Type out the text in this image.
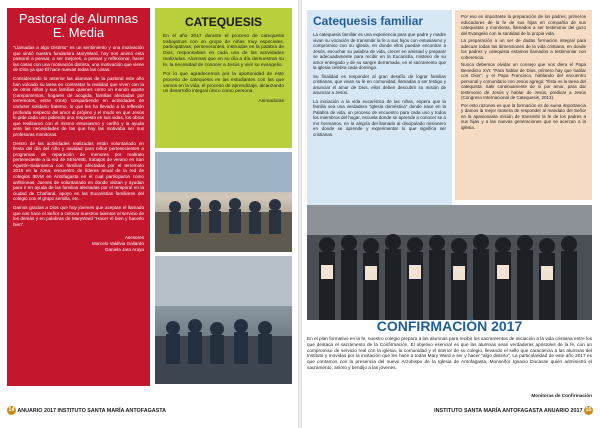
Pastoral de Alumnas E. Media

“Llamadas a algo Distinto” es un sentimiento y una motivación que sintió nuestra fundadora MaryWard, hoy nos animó esta pastoral a pensar, a ser mejores, a pensar y reflexionar, hacer las cosas con una motivación distinta, una motivación que viene de Dios ya que Él hace nuevas todas las cosas.

Considerando lo anterior las alumnas de la pastoral este año han volcado su tarea en contrastar la realidad que viven con la de otros niños y sus familias quienes como un mundo aparte (campamentos, hogares de acogida, familias afectadas por terremotos, entre otros) compartiendo en actividades de carácter solidario fraterno, lo que les ha llevado a la reflexión profunda respecto del amor al prójimo y el modo en que Jesús lo pide cada uno pidiendo una respuesta en sus vidas, los obras que realizaron con el mismo entusiasmo y cariño y la ayuda ante las necesidades de las que hoy las motivaba ser sus profesoras monitoras.

Dentro de las actividades realizadas están voluntariado en fiesta del día del niño y navidad para niños pertenecientes a programas de reparación de menores por maltrato perteneciente a la red de SENAME, trabajos de verano en San Agustín-Salamanca con familias afectadas por el terremoto 2016 en la zona, encuentro de líderes anual de la red de colegios IBVM en Antofagasta en el cual participaron como anfitrionas, Jueves de voluntariado en donde visitan y ayudan para ir en ayuda de las familias afectadas por el temporal en la ciudad de Chañaral, apoyo en las Eucaristías familiares del colegio con el grupo semilla, etc.

Damos gracias a Dios que hoy jóvenes que aceptan el llamado que nos hace el Señor a colocar nuestros talentos al servicio de los demás y en palabras de MaryWard “Hacer el bien y hacerlo bien”.

Asesores
Marcelo Valdivia Gallardo
Daniela Jara Araya
CATEQUESIS

En el año 2017 durante el proceso de catequesis trabajamos con un grupo de niñas muy especiales, participativas, perseverantes, instruidas en la palabra de Dios, responsables en cada una de las actividades realizadas. Alumnas que en su día a día demuestran su fe, la necesidad de conocer a Jesús y vivir su evangelio.

Por lo que agradecemos por la oportunidad de este proceso de catequesis en las estudiantes con las que vamos en la vida, el proceso de aprendizaje, alcanzando un desarrollo integral único como persona.

Animadoras
Catequesis familiar

La catequesis familiar es una experiencia para que padre y madre vivan su vocación de transmitir la fe a sus hijos con entusiasmo y compromiso con su iglesia, en donde ellos puedan encontrar a Jesús, escuchar su palabra de vida, crecer en amistad y preparar se adecuadamente para recibir en la Eucaristía, misterio de su amor entregado y de su sangre derramada, en el sacramento que la iglesia celebra cada domingo.

Su finalidad es responder al gran desafío de lograr familias cristianas, que vivan su fe en comunidad, llamadas a ser testigo y anunciar el amor de Dios, ellos deben descubrir su misión de anunciar a Jesús.

La iniciación a la vida eucarística de las niñas, espera que la familia sea una verdadera “iglesia doméstica” donde nace en la Palabra de vida, un proceso de encuentro para cada uno y todos los miembros del hogar, escuela donde se aprende a conocer se a mo hermanos, en la alegría del llamado al discipulado misionero en donde se aprende y experimentar lo que significa ser cristianas.

Por eso es importante la preparación de los padres, primeros educadores de la fe de sus hijas en compañía de sus catequistas y monitoras, llamados a ser testimonio del gozo del Evangelio con la santidad de la propia vida.

La preparación a un ser de dadas formación integral para adecuar todas las dimensiones de la vida cristiana, en donde los padres y catequista estamos llamados a testimoniar con coherencia.

Nunca debemos olvidar un consejo que nos diera el Papa Benedicto XVI: “Para hablar de Dios, primero hay que hablar con Dios”, y el Papa Francisco, hablando del encuentro personal y comunitario con Jesús agregó: “Ésta es la tarea del catequista: Salir continuamente de sí por amor, para dar testimonio de Jesús y hablar de Jesús, predicar a Jesús (Congreso Internacional de Catequesis, 2013).

Por esto razones es que la formación es de suma importancia y damos la mejor manera de responder al mandato del Señor en la apasionante misión de transmitir la fe de los padres a sus hijas y a las nuevas generaciones que se acercan a la iglesia.

CONFIRMACIÓN 2017
En el plan formativo en la fe, nuestro colegio prepara a las alumnas para recibir los sacramentos de iniciación a la vida cristiana entre los que destaca el sacramento de la Confirmación. El objetivo esencial es que las alumnas sean verdaderas apóstoles de la fe, con un compromiso de servicio real con la iglesia, la comunidad y el interior de su colegio, llevando el sello que caracteriza a las alumnas del Instituto y movidas por la invitación que les hace a todas Mary Ward a ser y hacer “algo distinto”. La particularidad de este año 2017 es que contamos con la presencia del nuevo Arzobispo de la Iglesia de Antofagasta, Monseñor Ignacio Ducasse quién administró el sacramento, animó y bendijo a las jóvenes.
Monitoras de Confirmación
14 ANUARIO 2017 INSTITUTO SANTA MARÍA ANTOFAGASTA	INSTITUTO SANTA MARÍA ANTOFAGASTA ANUARIO 2017 15
